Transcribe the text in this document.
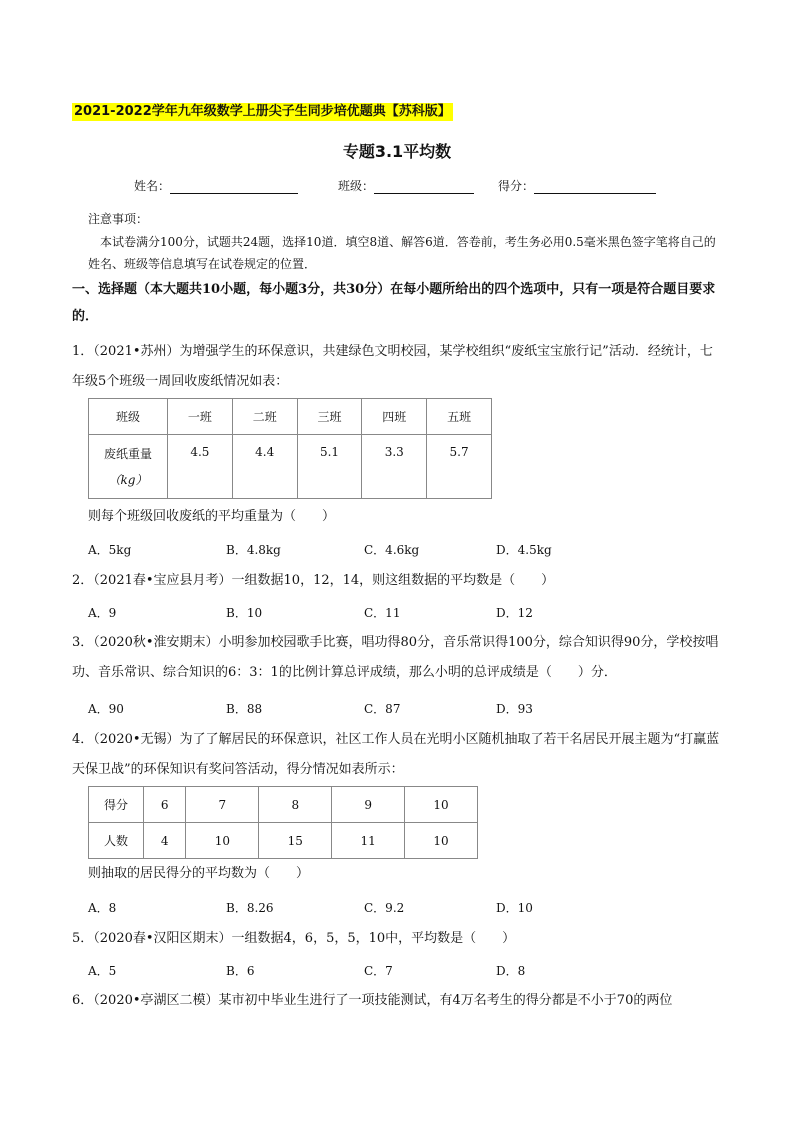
2021-2022学年九年级数学上册尖子生同步培优题典【苏科版】
专题3.1平均数
姓名：	班级：	得分：
注意事项：
本试卷满分100分，试题共24题，选择10道．填空8道、解答6道．答卷前，考生务必用0.5毫米黑色签字笔将自己的姓名、班级等信息填写在试卷规定的位置．
一、选择题（本大题共10小题，每小题3分，共30分）在每小题所给出的四个选项中，只有一项是符合题目要求的．
1．（2021•苏州）为增强学生的环保意识，共建绿色文明校园，某学校组织“废纸宝宝旅行记”活动．经统计，七年级5个班级一周回收废纸情况如表：
班级	一班	二班	三班	四班	五班

废纸重量
（kg）	4.5	4.4	5.1	3.3	5.7
则每个班级回收废纸的平均重量为（　　）
A．5kg	B．4.8kg	C．4.6kg	D．4.5kg
2．（2021春•宝应县月考）一组数据10，12，14，则这组数据的平均数是（　　）
A．9	B．10	C．11	D．12
3．（2020秋•淮安期末）小明参加校园歌手比赛，唱功得80分，音乐常识得100分，综合知识得90分，学校按唱功、音乐常识、综合知识的6：3：1的比例计算总评成绩，那么小明的总评成绩是（　　）分．
A．90	B．88	C．87	D．93
4．（2020•无锡）为了了解居民的环保意识，社区工作人员在光明小区随机抽取了若干名居民开展主题为“打赢蓝天保卫战”的环保知识有奖问答活动，得分情况如表所示：
得分	6	7	8	9	10
人数	4	10	15	11	10
则抽取的居民得分的平均数为（　　）
A．8	B．8.26	C．9.2	D．10
5．（2020春•汉阳区期末）一组数据4，6，5，5，10中，平均数是（　　）
A．5	B．6	C．7	D．8
6．（2020•亭湖区二模）某市初中毕业生进行了一项技能测试，有4万名考生的得分都是不小于70的两位
